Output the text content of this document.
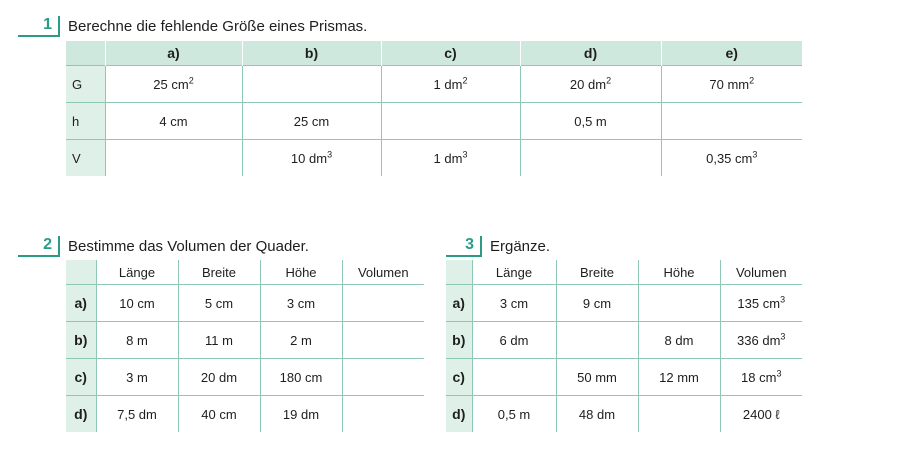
1	Berechne die fehlende Größe eines Prismas.
	a)	b)	c)	d)	e)
G	25 $cm^2$		1 $dm^2$	20 $dm^2$	70 $mm^2$
h	4 cm	25 cm		0,5 m	
V		10 $dm^3$	1 $dm^3$		0,35 $cm^3$
2	Bestimme das Volumen der Quader.
	Länge	Breite	Höhe	Volumen
a)	10 cm	5 cm	3 cm	
b)	8 m	11 m	2 m	
c)	3 m	20 dm	180 cm	
d)	7,5 dm	40 cm	19 dm	
3	Ergänze.
	Länge	Breite	Höhe	Volumen
a)	3 cm	9 cm		135 $cm^3$
b)	6 dm		8 dm	336 $dm^3$
c)		50 mm	12 mm	18 $cm^3$
d)	0,5 m	48 dm		2400 ℓ
